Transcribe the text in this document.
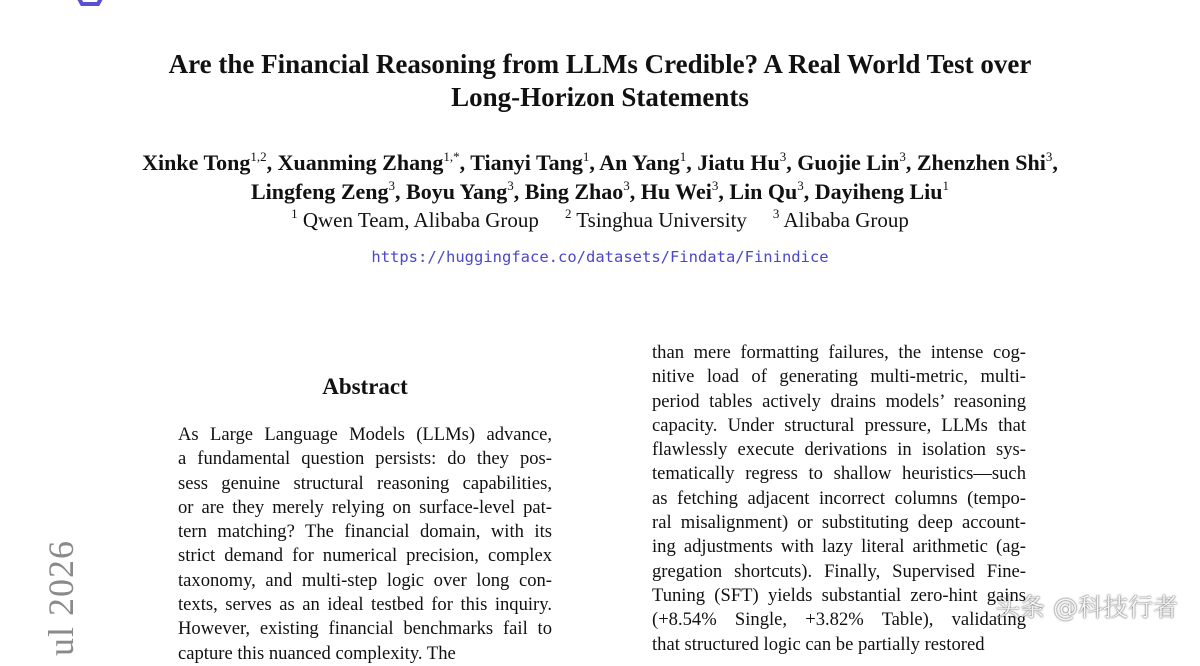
Are the Financial Reasoning from LLMs Credible? A Real World Test over
Long-Horizon Statements
Xinke Tong$^{1,2}$, Xuanming Zhang$^{1,*}$, Tianyi Tang$^1$, An Yang$^1$, Jiatu Hu$^3$, Guojie Lin$^3$, Zhenzhen Shi$^3$,
Lingfeng Zeng$^3$, Boyu Yang$^3$, Bing Zhao$^3$, Hu Wei$^3$, Lin Qu$^3$, Dayiheng Liu$^1$
$^1$ Qwen Team, Alibaba Group $^2$ Tsinghua University $^3$ Alibaba Group
https://huggingface.co/datasets/Findata/Finindice
ul 2026
Abstract
As Large Language Models (LLMs) advance,
a fundamental question persists: do they pos-
sess genuine structural reasoning capabilities,
or are they merely relying on surface-level pat-
tern matching? The financial domain, with its
strict demand for numerical precision, complex
taxonomy, and multi-step logic over long con-
texts, serves as an ideal testbed for this inquiry.
However, existing financial benchmarks fail to
capture this nuanced complexity. The
than mere formatting failures, the intense cog-
nitive load of generating multi-metric, multi-
period tables actively drains models’ reasoning
capacity. Under structural pressure, LLMs that
flawlessly execute derivations in isolation sys-
tematically regress to shallow heuristics—such
as fetching adjacent incorrect columns (tempo-
ral misalignment) or substituting deep account-
ing adjustments with lazy literal arithmetic (ag-
gregation shortcuts). Finally, Supervised Fine-
Tuning (SFT) yields substantial zero-hint gains
(+8.54% Single, +3.82% Table), validating
that structured logic can be partially restored
头条 @科技行者
